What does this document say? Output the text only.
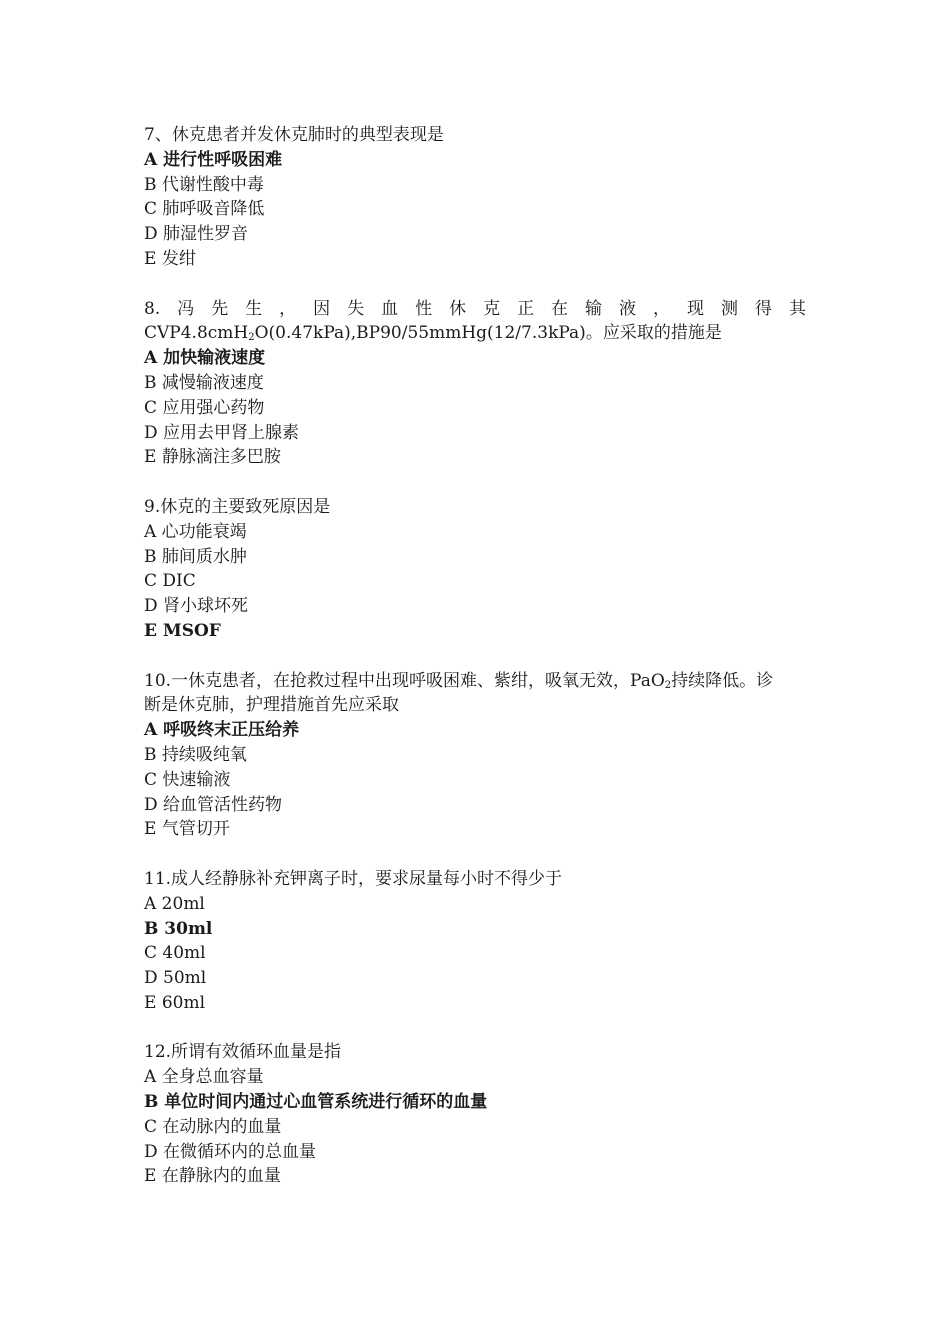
7、休克患者并发休克肺时的典型表现是
A 进行性呼吸困难
B 代谢性酸中毒
C 肺呼吸音降低
D 肺湿性罗音
E 发绀
8. 冯 先 生 ， 因 失 血 性 休 克 正 在 输 液 ， 现 测 得 其
CVP4.8cmH$_2$O(0.47kPa),BP90/55mmHg(12/7.3kPa)。应采取的措施是
A 加快输液速度
B 减慢输液速度
C 应用强心药物
D 应用去甲肾上腺素
E 静脉滴注多巴胺
9.休克的主要致死原因是
A 心功能衰竭
B 肺间质水肿
C DIC
D 肾小球坏死
E MSOF
10.一休克患者，在抢救过程中出现呼吸困难、紫绀，吸氧无效，PaO$_2$持续降低。诊
断是休克肺，护理措施首先应采取
A 呼吸终末正压给养
B 持续吸纯氧
C 快速输液
D 给血管活性药物
E 气管切开
11.成人经静脉补充钾离子时，要求尿量每小时不得少于
A 20ml
B 30ml
C 40ml
D 50ml
E 60ml
12.所谓有效循环血量是指
A 全身总血容量
B 单位时间内通过心血管系统进行循环的血量
C 在动脉内的血量
D 在微循环内的总血量
E 在静脉内的血量
